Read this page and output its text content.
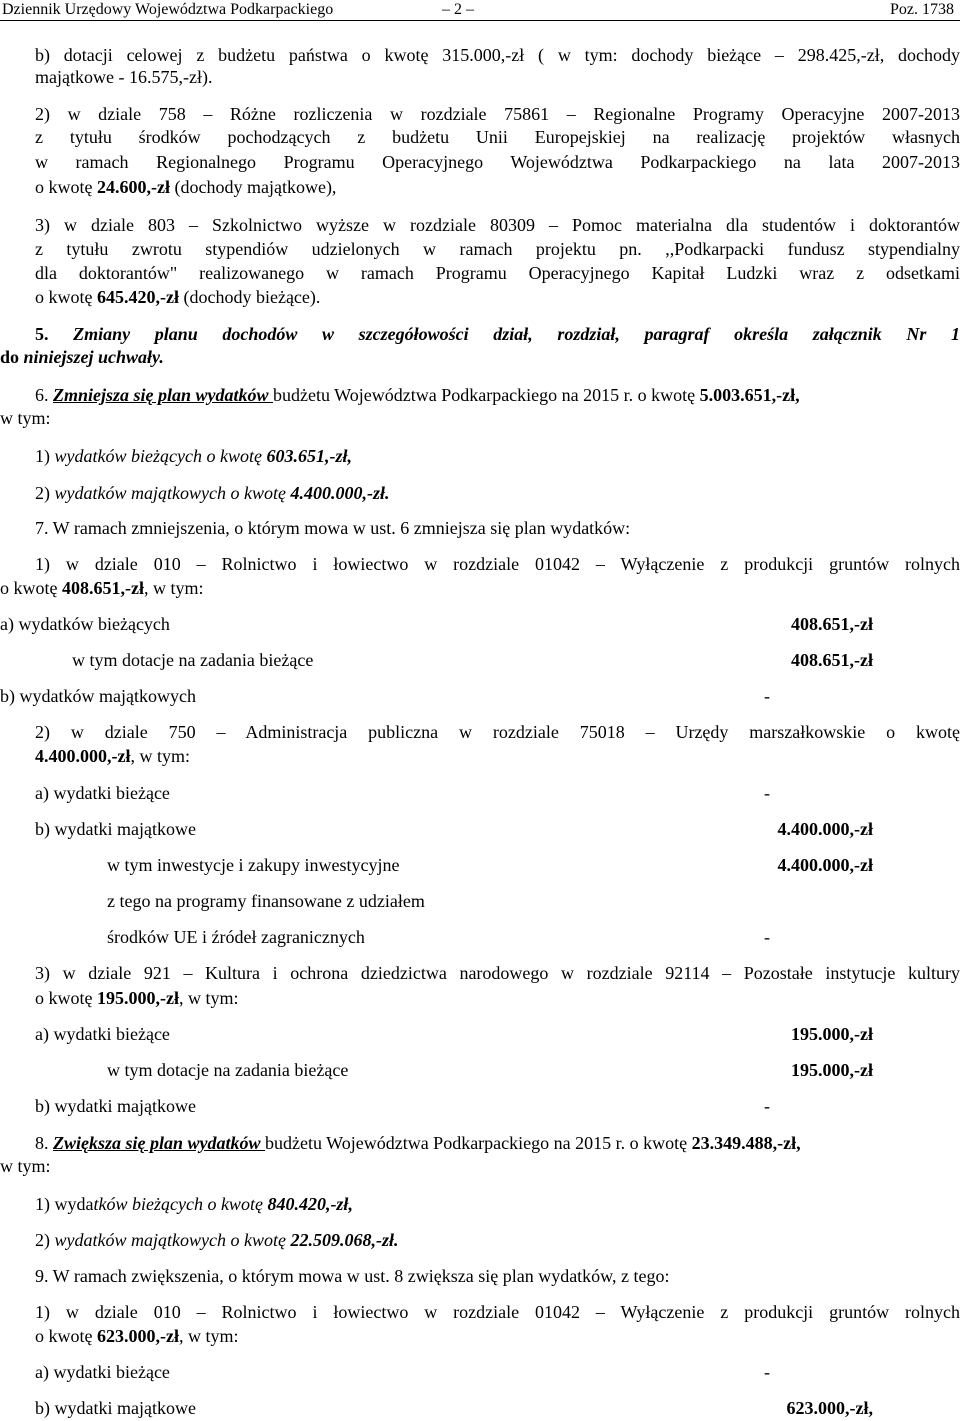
Dziennik Urzędowy Województwa Podkarpackiego	– 2 –	Poz. 1738
b) dotacji celowej z budżetu państwa o kwotę 315.000,-zł ( w tym: dochody bieżące – 298.425,-zł, dochody
majątkowe - 16.575,-zł).
2) w dziale 758 – Różne rozliczenia w rozdziale 75861 – Regionalne Programy Operacyjne 2007-2013
z tytułu środków pochodzących z budżetu Unii Europejskiej na realizację projektów własnych
w ramach Regionalnego Programu Operacyjnego Województwa Podkarpackiego na lata 2007-2013
o kwotę 24.600,-zł (dochody majątkowe),
3) w dziale 803 – Szkolnictwo wyższe w rozdziale 80309 – Pomoc materialna dla studentów i doktorantów
z tytułu zwrotu stypendiów udzielonych w ramach projektu pn. ,,Podkarpacki fundusz stypendialny
dla doktorantów" realizowanego w ramach Programu Operacyjnego Kapitał Ludzki wraz z odsetkami
o kwotę 645.420,-zł (dochody bieżące).
5. Zmiany planu dochodów w szczegółowości dział, rozdział, paragraf określa załącznik Nr 1
do niniejszej uchwały.
6. Zmniejsza się plan wydatków budżetu Województwa Podkarpackiego na 2015 r. o kwotę 5.003.651,-zł,
w tym:
1) wydatków bieżących o kwotę 603.651,-zł,
2) wydatków majątkowych o kwotę 4.400.000,-zł.
7. W ramach zmniejszenia, o którym mowa w ust. 6 zmniejsza się plan wydatków:
1) w dziale 010 – Rolnictwo i łowiectwo w rozdziale 01042 – Wyłączenie z produkcji gruntów rolnych
o kwotę 408.651,-zł, w tym:
a) wydatków bieżących	408.651,-zł
w tym dotacje na zadania bieżące	408.651,-zł
b) wydatków majątkowych	-
2) w dziale 750 – Administracja publiczna w rozdziale 75018 – Urzędy marszałkowskie o kwotę
4.400.000,-zł, w tym:
a) wydatki bieżące	-
b) wydatki majątkowe	4.400.000,-zł
w tym inwestycje i zakupy inwestycyjne	4.400.000,-zł
z tego na programy finansowane z udziałem
środków UE i źródeł zagranicznych	-
3) w dziale 921 – Kultura i ochrona dziedzictwa narodowego w rozdziale 92114 – Pozostałe instytucje kultury
o kwotę 195.000,-zł, w tym:
a) wydatki bieżące	195.000,-zł
w tym dotacje na zadania bieżące	195.000,-zł
b) wydatki majątkowe	-
8. Zwiększa się plan wydatków budżetu Województwa Podkarpackiego na 2015 r. o kwotę 23.349.488,-zł,
w tym:
1) wydatków bieżących o kwotę 840.420,-zł,
2) wydatków majątkowych o kwotę 22.509.068,-zł.
9. W ramach zwiększenia, o którym mowa w ust. 8 zwiększa się plan wydatków, z tego:
1) w dziale 010 – Rolnictwo i łowiectwo w rozdziale 01042 – Wyłączenie z produkcji gruntów rolnych
o kwotę 623.000,-zł, w tym:
a) wydatki bieżące	-
b) wydatki majątkowe	623.000,-zł,
